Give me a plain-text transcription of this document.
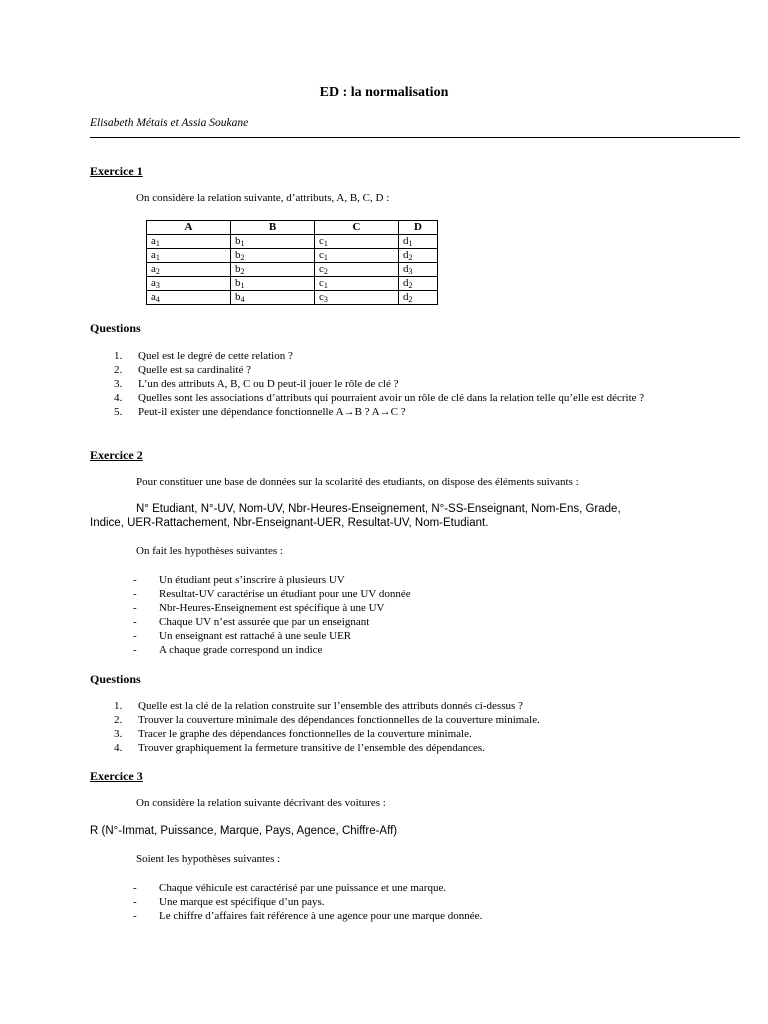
ED : la normalisation
Elisabeth Métais et Assia Soukane
Exercice 1
On considère la relation suivante, d’attributs, A, B, C, D :
A	B	C	D
$a_1$	$b_1$	$c_1$	$d_1$
$a_1$	$b_2$	$c_1$	$d_2$
$a_2$	$b_2$	$c_2$	$d_3$
$a_3$	$b_1$	$c_1$	$d_2$
$a_4$	$b_4$	$c_3$	$d_2$
Questions
1. Quel est le degré de cette relation ?
2. Quelle est sa cardinalité ?
3. L’un des attributs A, B, C ou D peut-il jouer le rôle de clé ?
4. Quelles sont les associations d’attributs qui pourraient avoir un rôle de clé dans la relation telle qu’elle est décrite ?
5. Peut-il exister une dépendance fonctionnelle A→B ? A→C ?
Exercice 2
Pour constituer une base de données sur la scolarité des etudiants, on dispose des éléments suivants :
N° Etudiant, N°-UV, Nom-UV, Nbr-Heures-Enseignement, N°-SS-Enseignant, Nom-Ens, Grade,
Indice, UER-Rattachement, Nbr-Enseignant-UER, Resultat-UV, Nom-Etudiant.
On fait les hypothèses suivantes :
- Un étudiant peut s’inscrire à plusieurs UV
- Resultat-UV caractérise un étudiant pour une UV donnée
- Nbr-Heures-Enseignement est spécifique à une UV
- Chaque UV n’est assurée que par un enseignant
- Un enseignant est rattaché à une seule UER
- A chaque grade correspond un indice
Questions
1. Quelle est la clé de la relation construite sur l’ensemble des attributs donnés ci-dessus ?
2. Trouver la couverture minimale des dépendances fonctionnelles de la couverture minimale.
3. Tracer le graphe des dépendances fonctionnelles de la couverture minimale.
4. Trouver graphiquement la fermeture transitive de l’ensemble des dépendances.
Exercice 3
On considère la relation suivante décrivant des voitures :
R (N°-Immat, Puissance, Marque, Pays, Agence, Chiffre-Aff)
Soient les hypothèses suivantes :
- Chaque véhicule est caractérisé par une puissance et une marque.
- Une marque est spécifique d’un pays.
- Le chiffre d’affaires fait référence à une agence pour une marque donnée.
